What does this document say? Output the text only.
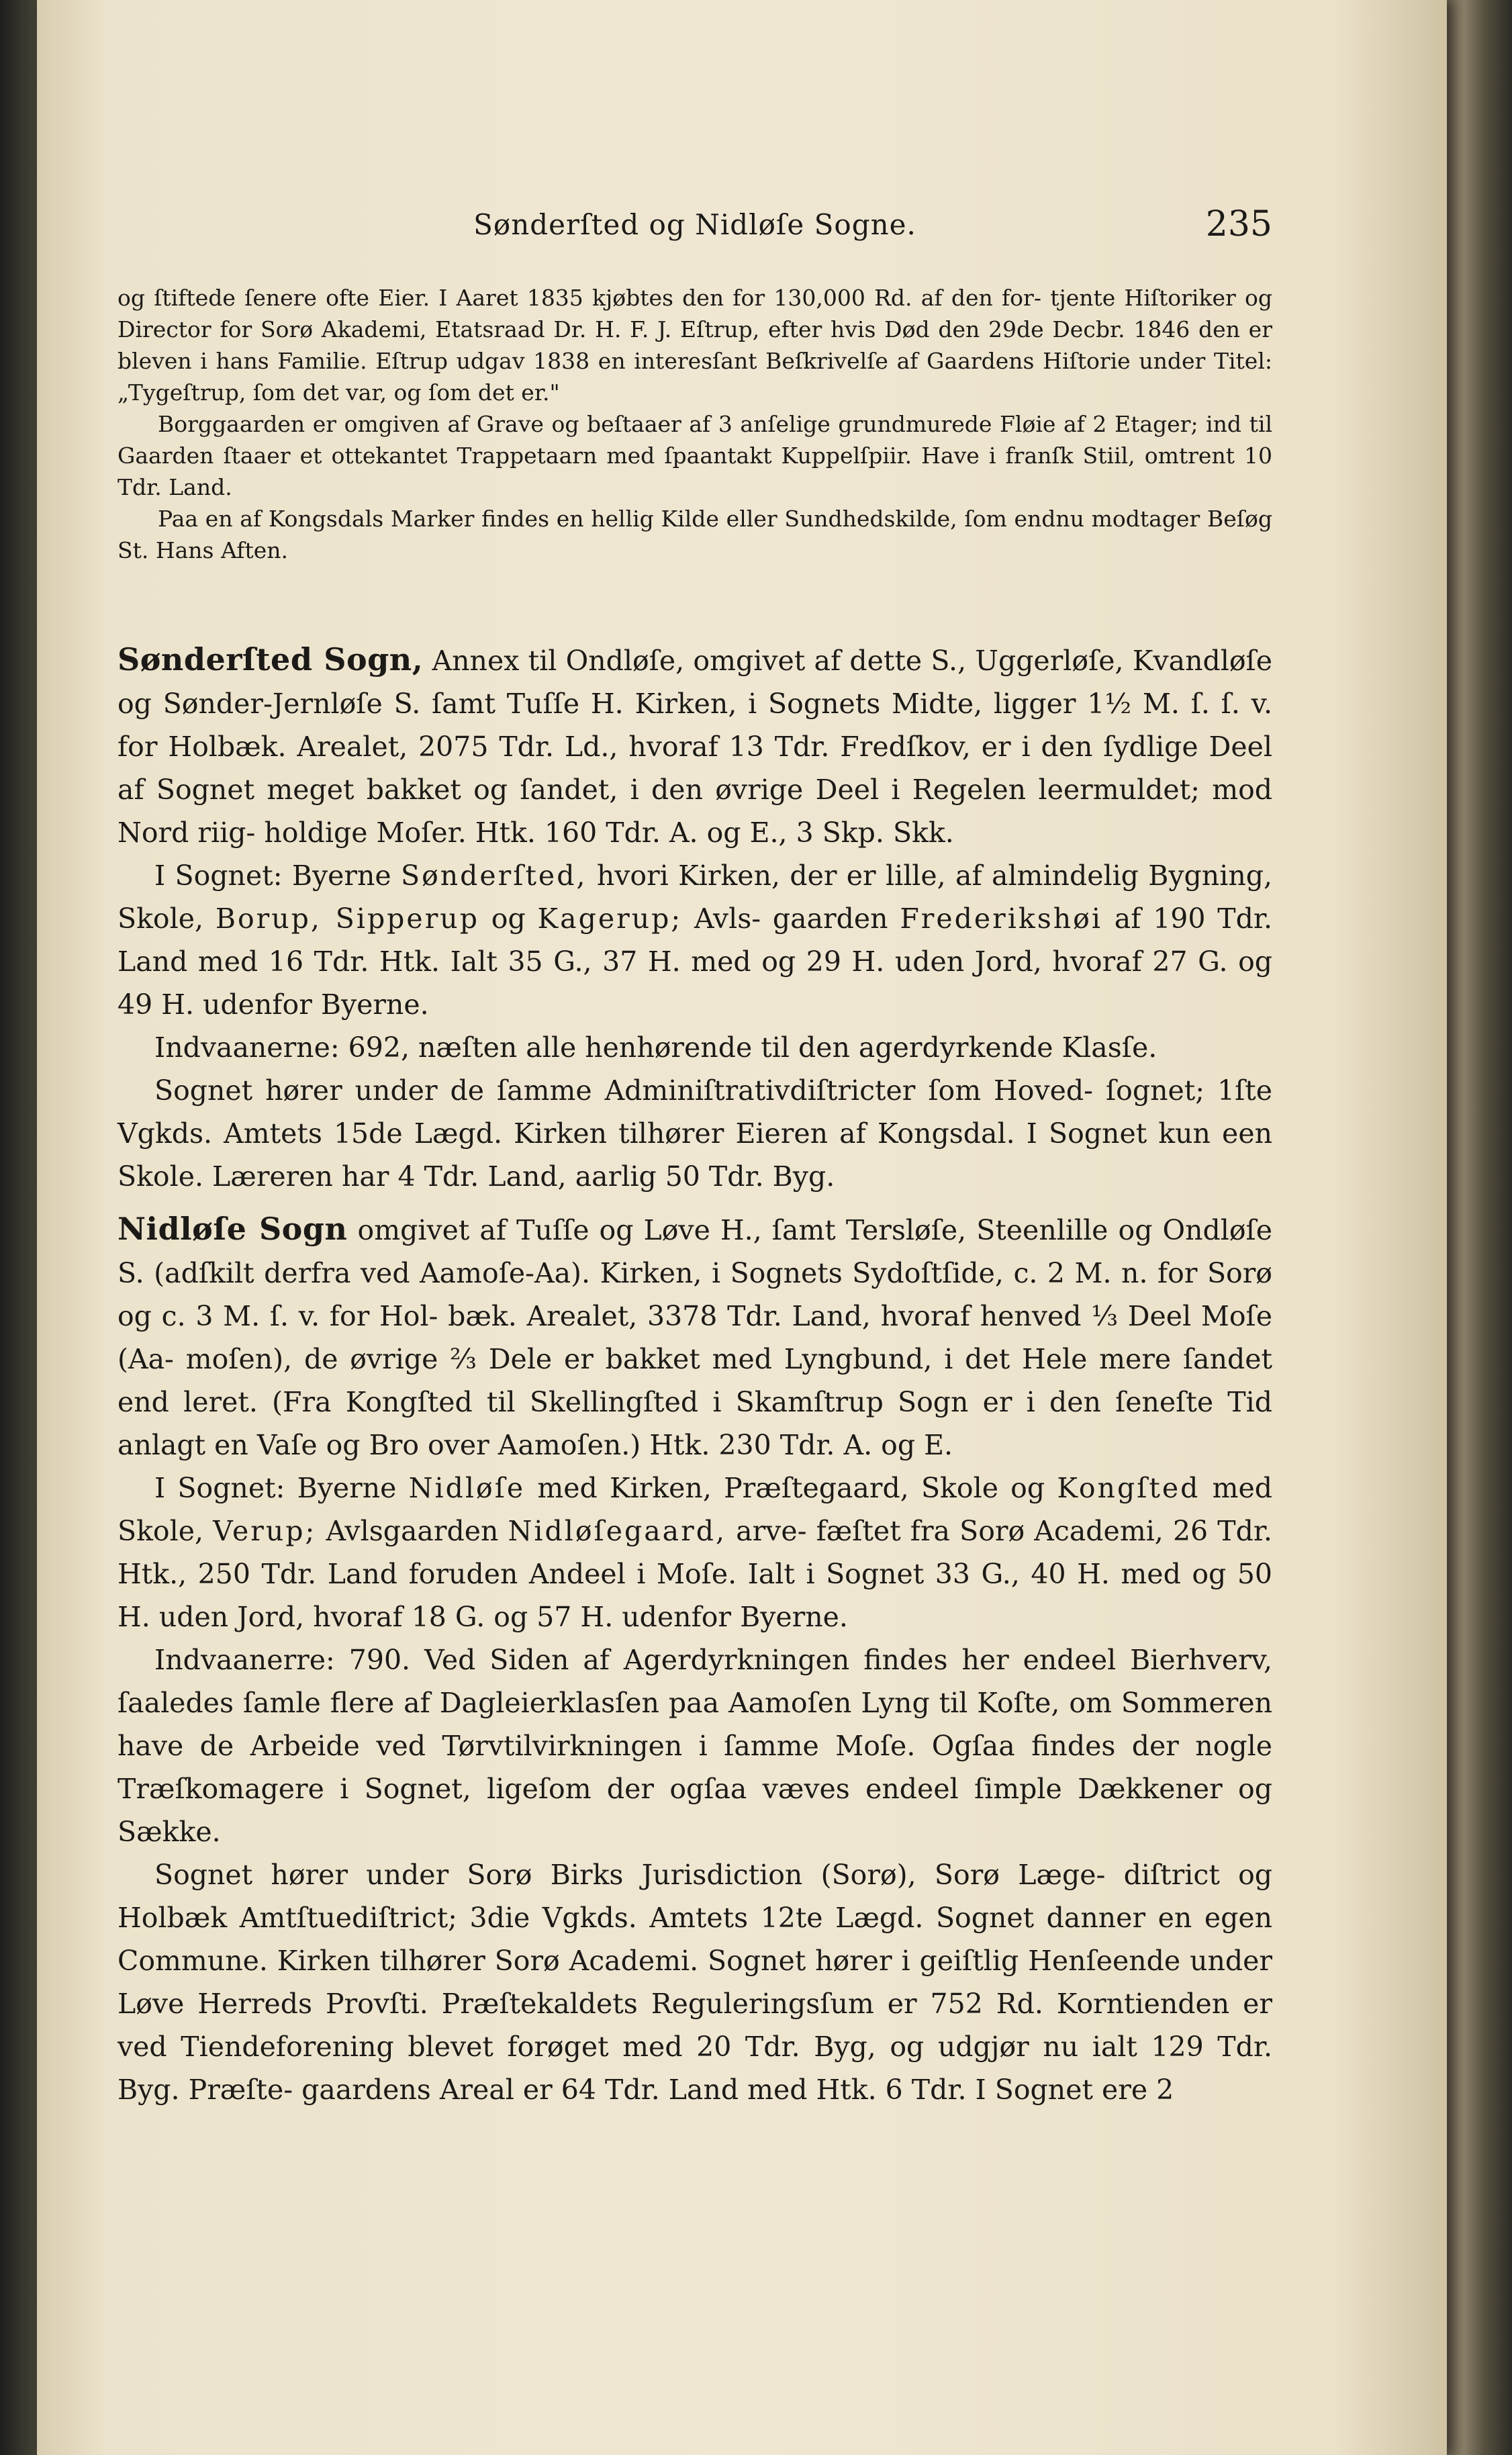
Sønderſted og Nidløſe Sogne.	235

og ſtiftede ſenere ofte Eier. I Aaret 1835 kjøbtes den for 130,000 Rd. af den for- tjente Hiſtoriker og Director for Sorø Akademi, Etatsraad Dr. H. F. J. Eſtrup, efter hvis Død den 29de Decbr. 1846 den er bleven i hans Familie. Eſtrup udgav 1838 en interesſant Beſkrivelſe af Gaardens Hiſtorie under Titel: „Tygeſtrup, ſom det var, og ſom det er."

Borggaarden er omgiven af Grave og beſtaaer af 3 anſelige grundmurede Fløie af 2 Etager; ind til Gaarden ſtaaer et ottekantet Trappetaarn med ſpaantakt Kuppelſpiir. Have i franſk Stiil, omtrent 10 Tdr. Land.

Paa en af Kongsdals Marker findes en hellig Kilde eller Sundhedskilde, ſom endnu modtager Beſøg St. Hans Aften.

Sønderſted Sogn, Annex til Ondløſe, omgivet af dette S., Uggerløſe, Kvandløſe og Sønder-Jernløſe S. ſamt Tuſſe H. Kirken, i Sognets Midte, ligger 1½ M. ſ. ſ. v. for Holbæk. Arealet, 2075 Tdr. Ld., hvoraf 13 Tdr. Fredſkov, er i den ſydlige Deel af Sognet meget bakket og ſandet, i den øvrige Deel i Regelen leermuldet; mod Nord riig- holdige Moſer. Htk. 160 Tdr. A. og E., 3 Skp. Skk.

I Sognet: Byerne Sønderſted, hvori Kirken, der er lille, af almindelig Bygning, Skole, Borup, Sipperup og Kagerup; Avls- gaarden Frederikshøi af 190 Tdr. Land med 16 Tdr. Htk. Ialt 35 G., 37 H. med og 29 H. uden Jord, hvoraf 27 G. og 49 H. udenfor Byerne.

Indvaanerne: 692, næſten alle henhørende til den agerdyrkende Klasſe.

Sognet hører under de ſamme Adminiſtrativdiſtricter ſom Hoved- ſognet; 1ſte Vgkds. Amtets 15de Lægd. Kirken tilhører Eieren af Kongsdal. I Sognet kun een Skole. Læreren har 4 Tdr. Land, aarlig 50 Tdr. Byg.

Nidløſe Sogn omgivet af Tuſſe og Løve H., ſamt Tersløſe, Steenlille og Ondløſe S. (adſkilt derfra ved Aamoſe-Aa). Kirken, i Sognets Sydoſtſide, c. 2 M. n. for Sorø og c. 3 M. ſ. v. for Hol- bæk. Arealet, 3378 Tdr. Land, hvoraf henved ⅓ Deel Moſe (Aa- moſen), de øvrige ⅔ Dele er bakket med Lyngbund, i det Hele mere ſandet end leret. (Fra Kongſted til Skellingſted i Skamſtrup Sogn er i den ſeneſte Tid anlagt en Vaſe og Bro over Aamoſen.) Htk. 230 Tdr. A. og E.

I Sognet: Byerne Nidløſe med Kirken, Præſtegaard, Skole og Kongſted med Skole, Verup; Avlsgaarden Nidløſegaard, arve- fæſtet fra Sorø Academi, 26 Tdr. Htk., 250 Tdr. Land foruden Andeel i Moſe. Ialt i Sognet 33 G., 40 H. med og 50 H. uden Jord, hvoraf 18 G. og 57 H. udenfor Byerne.

Indvaanerre: 790. Ved Siden af Agerdyrkningen findes her endeel Bierhverv, ſaaledes ſamle flere af Dagleierklasſen paa Aamoſen Lyng til Koſte, om Sommeren have de Arbeide ved Tørvtilvirkningen i ſamme Moſe. Ogſaa findes der nogle Træſkomagere i Sognet, ligeſom der ogſaa væves endeel ſimple Dækkener og Sække.

Sognet hører under Sorø Birks Jurisdiction (Sorø), Sorø Læge- diſtrict og Holbæk Amtſtuediſtrict; 3die Vgkds. Amtets 12te Lægd. Sognet danner en egen Commune. Kirken tilhører Sorø Academi. Sognet hører i geiſtlig Henſeende under Løve Herreds Provſti. Præſtekaldets Reguleringsſum er 752 Rd. Korntienden er ved Tiendeforening blevet forøget med 20 Tdr. Byg, og udgjør nu ialt 129 Tdr. Byg. Præſte- gaardens Areal er 64 Tdr. Land med Htk. 6 Tdr. I Sognet ere 2
